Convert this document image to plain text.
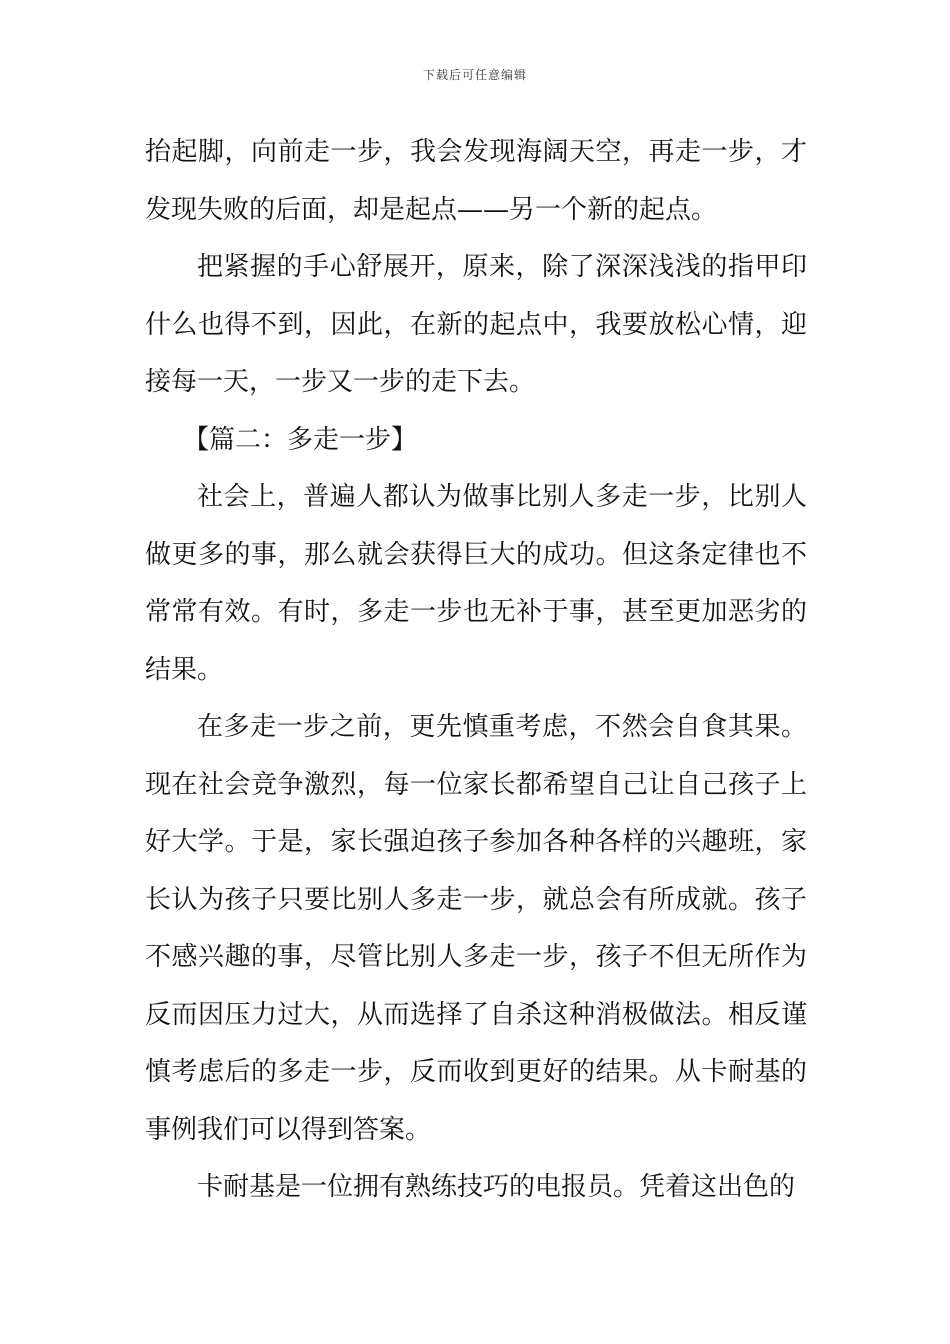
下载后可任意编辑

抬起脚，向前走一步，我会发现海阔天空，再走一步，才发现失败的后面，却是起点——另一个新的起点。

把紧握的手心舒展开，原来，除了深深浅浅的指甲印什么也得不到，因此，在新的起点中，我要放松心情，迎接每一天，一步又一步的走下去。

【篇二：多走一步】

社会上，普遍人都认为做事比别人多走一步，比别人做更多的事，那么就会获得巨大的成功。但这条定律也不常常有效。有时，多走一步也无补于事，甚至更加恶劣的结果。

在多走一步之前，更先慎重考虑，不然会自食其果。现在社会竞争激烈，每一位家长都希望自己让自己孩子上好大学。于是，家长强迫孩子参加各种各样的兴趣班，家长认为孩子只要比别人多走一步，就总会有所成就。孩子不感兴趣的事，尽管比别人多走一步，孩子不但无所作为反而因压力过大，从而选择了自杀这种消极做法。相反谨慎考虑后的多走一步，反而收到更好的结果。从卡耐基的事例我们可以得到答案。

卡耐基是一位拥有熟练技巧的电报员。凭着这出色的
